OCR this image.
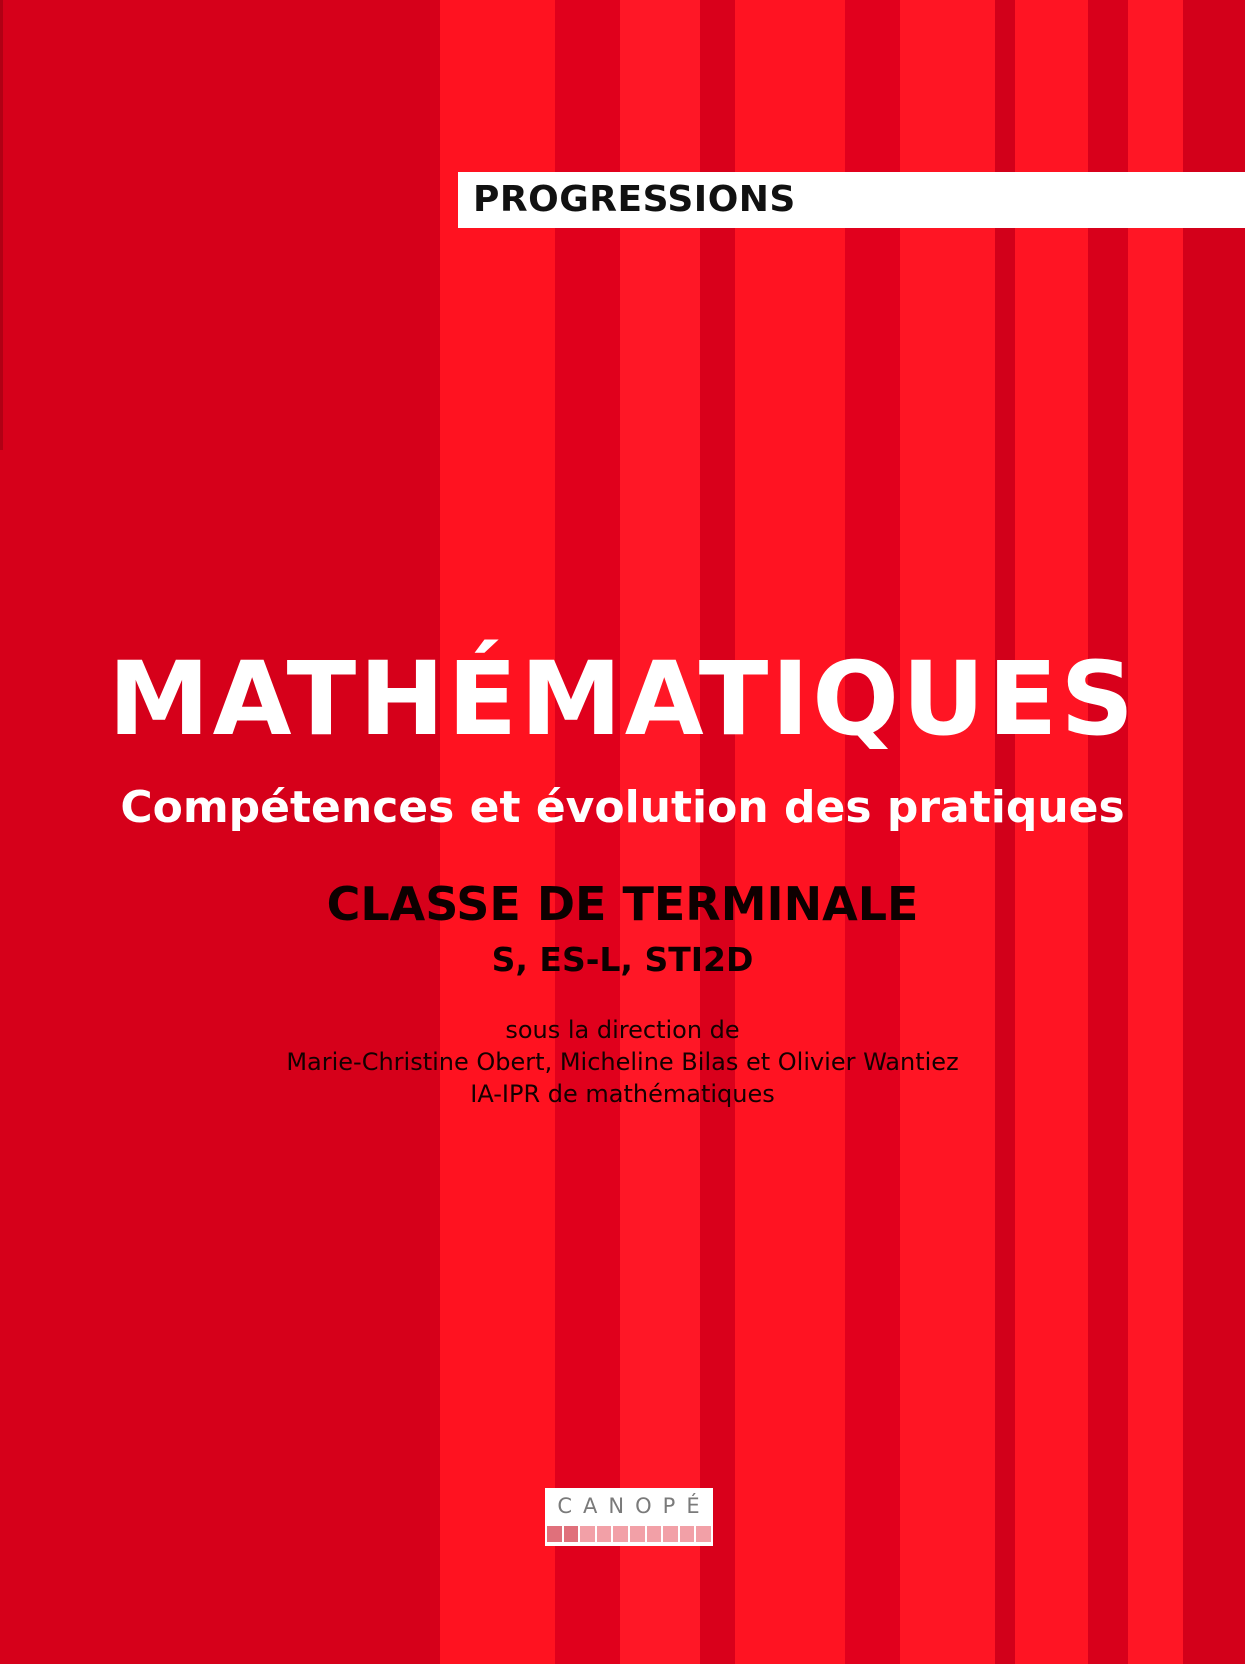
PROGRESSIONS
MATHÉMATIQUES
Compétences et évolution des pratiques
CLASSE DE TERMINALE
S, ES-L, STI2D
sous la direction de
Marie-Christine Obert, Micheline Bilas et Olivier Wantiez
IA-IPR de mathématiques
CANOPÉ
